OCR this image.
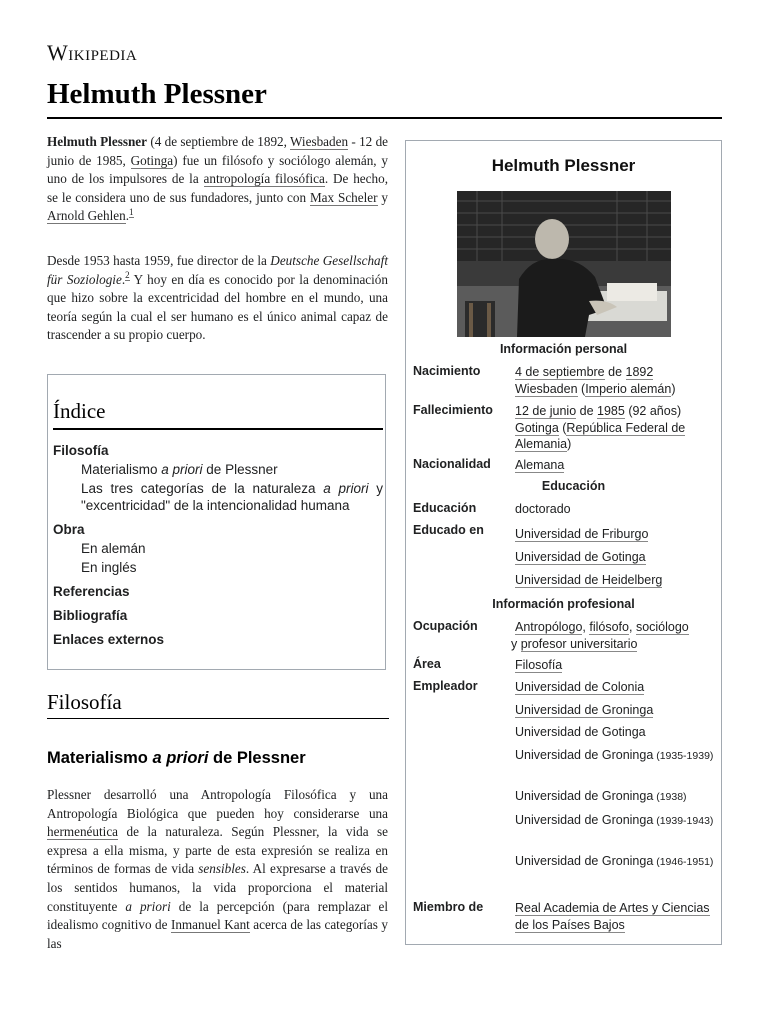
Wikipedia
Helmuth Plessner

Helmuth Plessner (4 de septiembre de 1892, Wiesbaden - 12 de junio de 1985, Gotinga) fue un filósofo y sociólogo alemán, y uno de los impulsores de la antropología filosófica. De hecho, se le considera uno de sus fundadores, junto con Max Scheler y Arnold Gehlen.$^1$

Desde 1953 hasta 1959, fue director de la Deutsche Gesellschaft für Soziologie.$^2$ Y hoy en día es conocido por la denominación que hizo sobre la excentricidad del hombre en el mundo, una teoría según la cual el ser humano es el único animal capaz de trascender a su propio cuerpo.

Índice
Filosofía
Materialismo a priori de Plessner
Las tres categorías de la naturaleza a priori y "excentricidad" de la intencionalidad humana
Obra
En alemán
En inglés
Referencias
Bibliografía
Enlaces externos
Filosofía
Materialismo a priori de Plessner

Plessner desarrolló una Antropología Filosófica y una Antropología Biológica que pueden hoy considerarse una hermenéutica de la naturaleza. Según Plessner, la vida se expresa a ella misma, y parte de esta expresión se realiza en términos de formas de vida sensibles. Al expresarse a través de los sentidos humanos, la vida proporciona el material constituyente a priori de la percepción (para remplazar el idealismo cognitivo de Inmanuel Kant acerca de las categorías y las

Helmuth Plessner
Información personal
Nacimiento	4 de septiembre de 1892
Wiesbaden (Imperio alemán)
Fallecimiento	12 de junio de 1985 (92 años)
Gotinga (República Federal de Alemania)
Nacionalidad	Alemana
Educación
Educación	doctorado
Educado en	Universidad de Friburgo
Universidad de Gotinga
Universidad de Heidelberg
Información profesional
Ocupación	Antropólogo, filósofo, sociólogo
y profesor universitario
Área	Filosofía
Empleador	Universidad de Colonia
Universidad de Groninga
Universidad de Gotinga
Universidad de Groninga (1935-1939)
Universidad de Groninga (1938)
Universidad de Groninga (1939-1943)
Universidad de Groninga (1946-1951)
Miembro de	Real Academia de Artes y Ciencias de los Países Bajos
